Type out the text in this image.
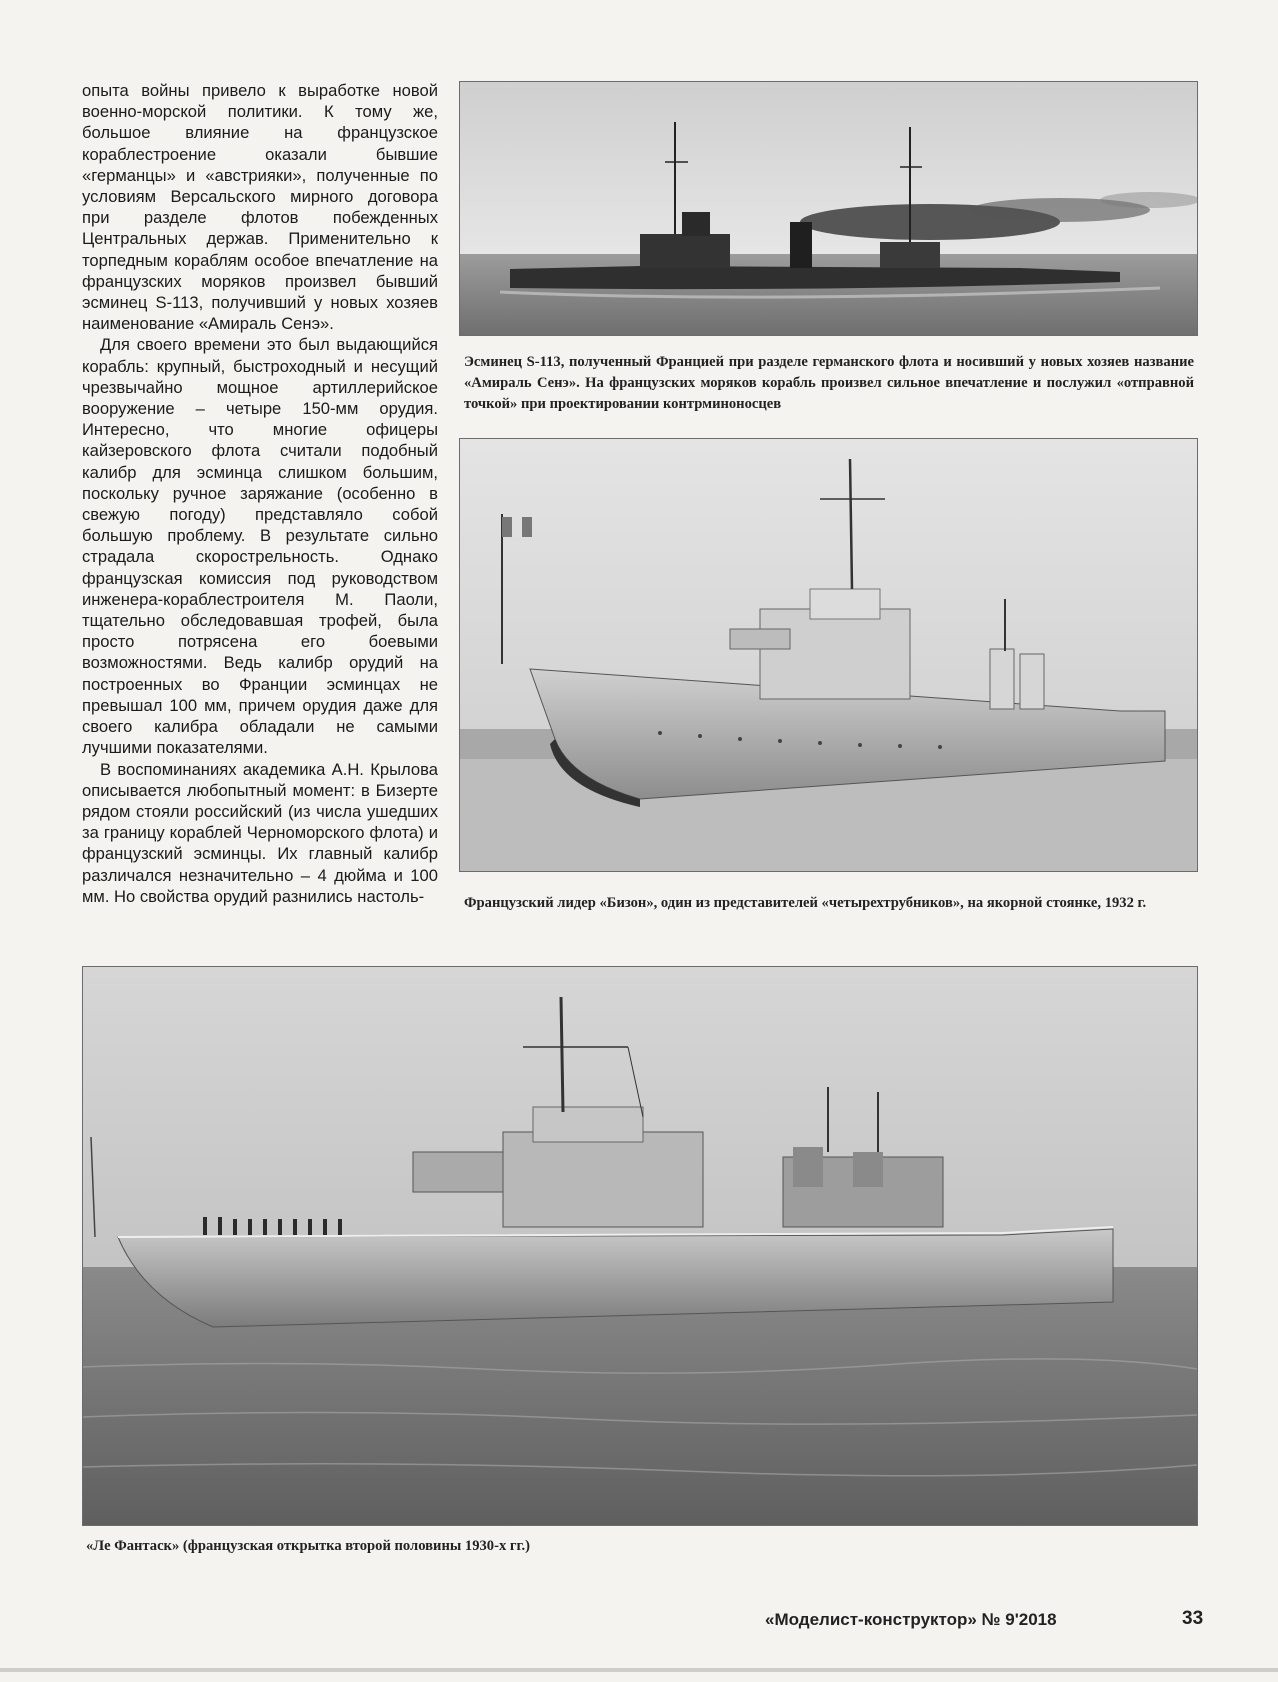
опыта войны привело к выработке новой военно-морской политики. К тому же, большое влияние на французское кораблестроение оказали бывшие «германцы» и «австрияки», полученные по условиям Версальского мирного договора при разделе флотов побежденных Центральных держав. Применительно к торпедным кораблям особое впечатление на французских моряков произвел бывший эсминец S-113, получивший у новых хозяев наименование «Амираль Сенэ».

Для своего времени это был выдающийся корабль: крупный, быстроходный и несущий чрезвычайно мощное артиллерийское вооружение – четыре 150-мм орудия. Интересно, что многие офицеры кайзеровского флота считали подобный калибр для эсминца слишком большим, поскольку ручное заряжание (особенно в свежую погоду) представляло собой большую проблему. В результате сильно страдала скорострельность. Однако французская комиссия под руководством инженера-кораблестроителя М. Паоли, тщательно обследовавшая трофей, была просто потрясена его боевыми возможностями. Ведь калибр орудий на построенных во Франции эсминцах не превышал 100 мм, причем орудия даже для своего калибра обладали не самыми лучшими показателями.

В воспоминаниях академика А.Н. Крылова описывается любопытный момент: в Бизерте рядом стояли российский (из числа ушедших за границу кораблей Черноморского флота) и французский эсминцы. Их главный калибр различался незначительно – 4 дюйма и 100 мм. Но свойства орудий разнились настоль-

Эсминец S-113, полученный Францией при разделе германского флота и носивший у новых хозяев название «Амираль Сенэ». На французских моряков корабль произвел сильное впечатление и послужил «отправной точкой» при проектировании контрминоносцев
Французский лидер «Бизон», один из представителей «четырехтрубников», на якорной стоянке, 1932 г.
«Ле Фантаск» (французская открытка второй половины 1930-х гг.)
«Моделист-конструктор» № 9'2018	33
